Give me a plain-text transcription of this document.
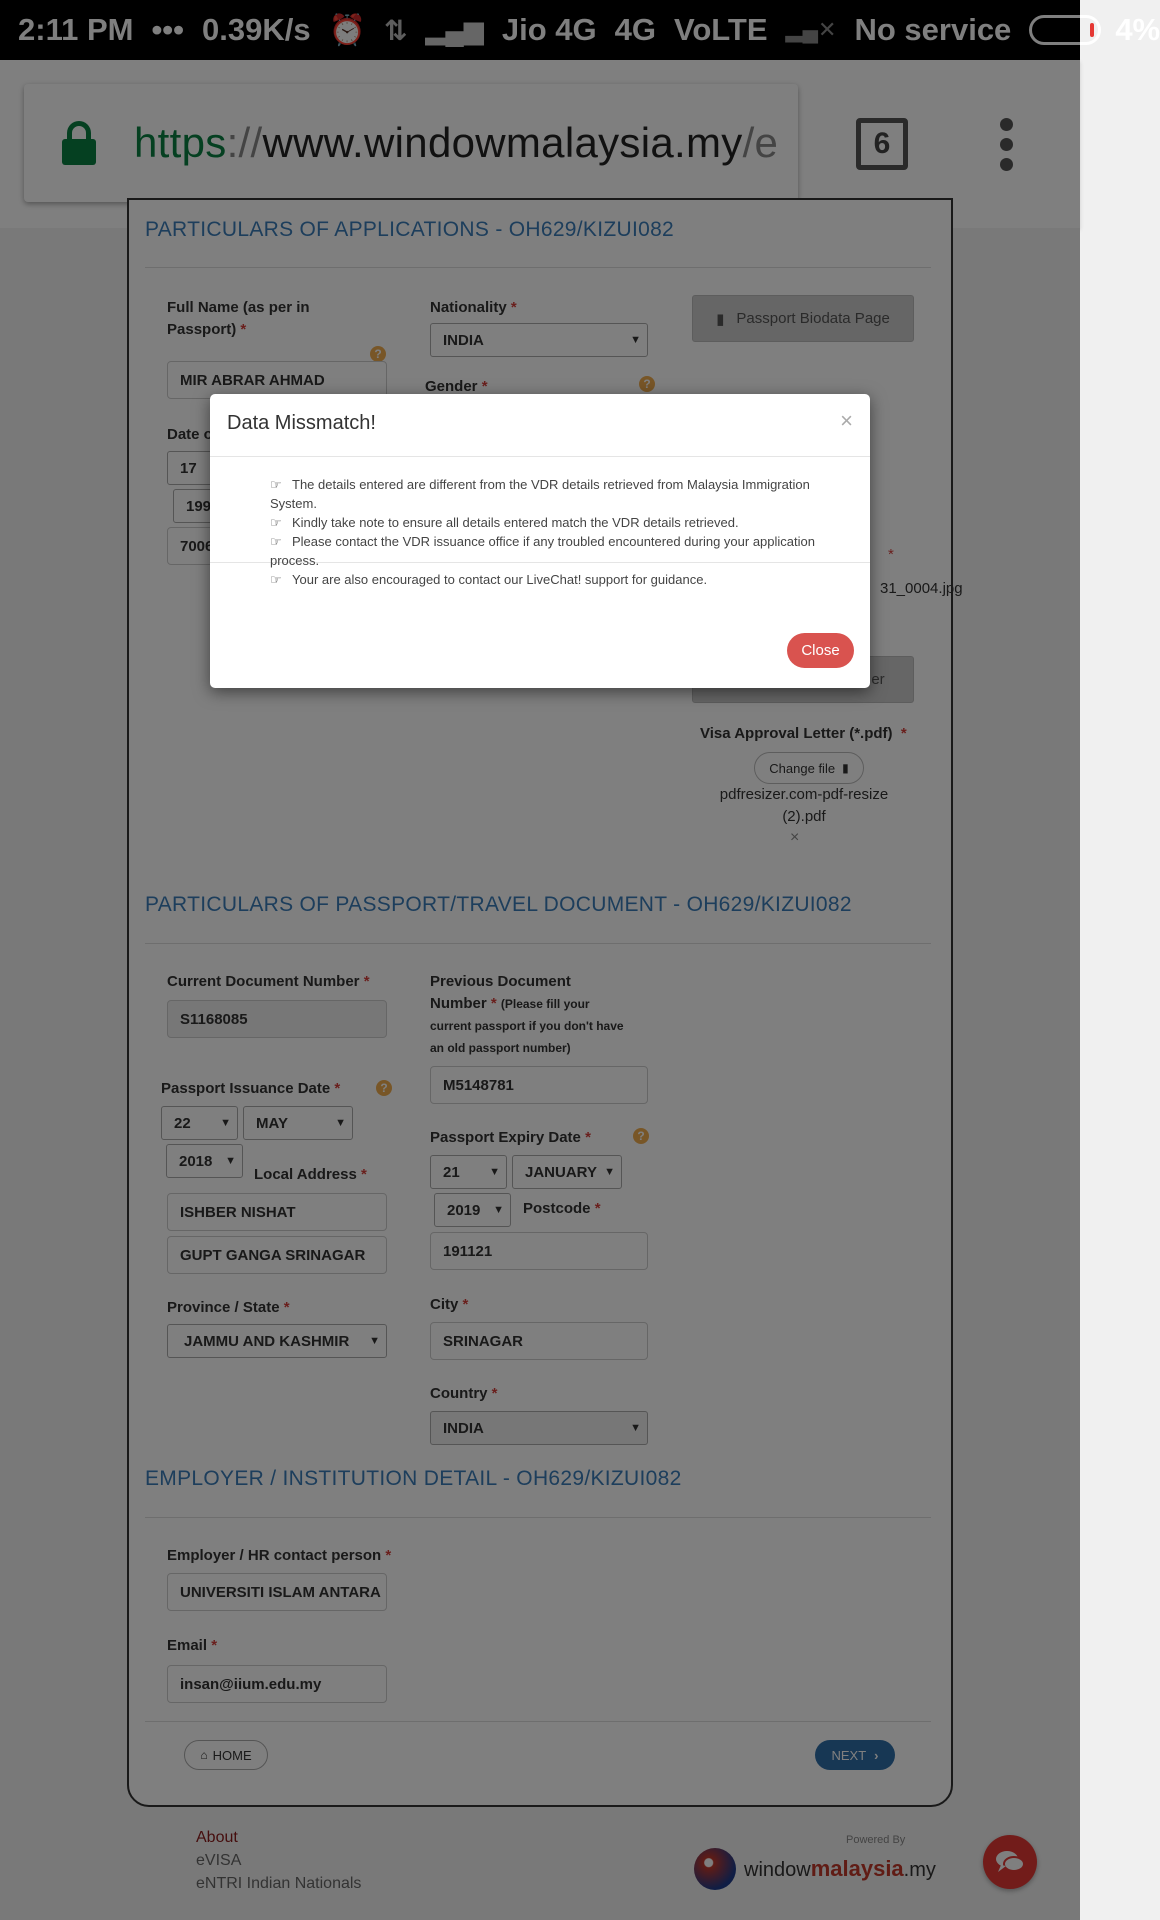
4%
Data Missmatch!	×
☞ The details entered are different from the VDR details retrieved from Malaysia Immigration System.
☞ Kindly take note to ensure all details entered match the VDR details retrieved.
☞ Please contact the VDR issuance office if any troubled encountered during your application process.
☞ Your are also encouraged to contact our LiveChat! support for guidance.
Close
